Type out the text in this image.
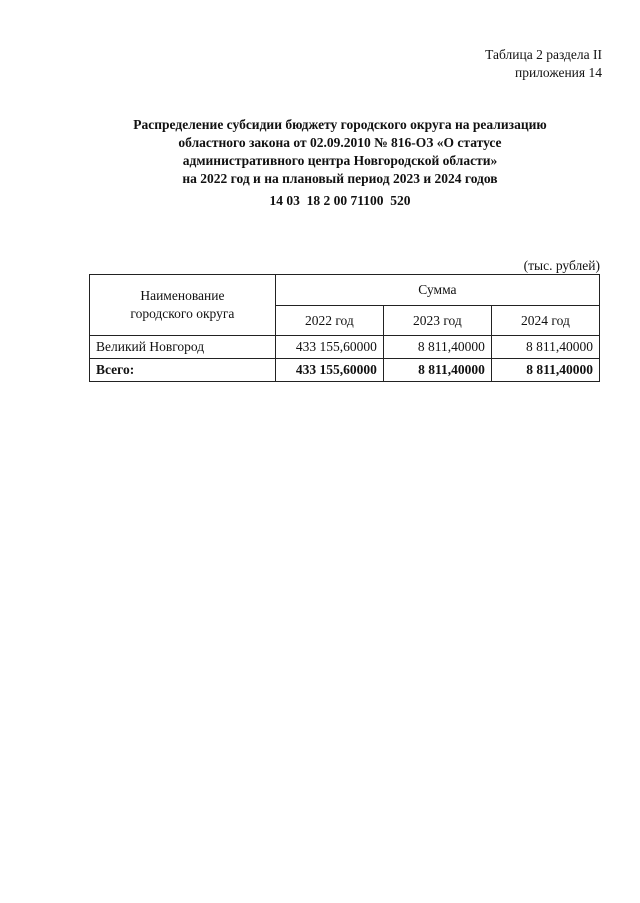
Таблица 2 раздела II
приложения 14
Распределение субсидии бюджету городского округа на реализацию
областного закона от 02.09.2010 № 816-ОЗ «О статусе
административного центра Новгородской области»
на 2022 год и на плановый период 2023 и 2024 годов
14 03  18 2 00 71100  520
(тыс. рублей)
Наименование
городского округа	Сумма		
	2022 год	2023 год	2024 год
Великий Новгород	433 155,60000	8 811,40000	8 811,40000
Всего:	433 155,60000	8 811,40000	8 811,40000
